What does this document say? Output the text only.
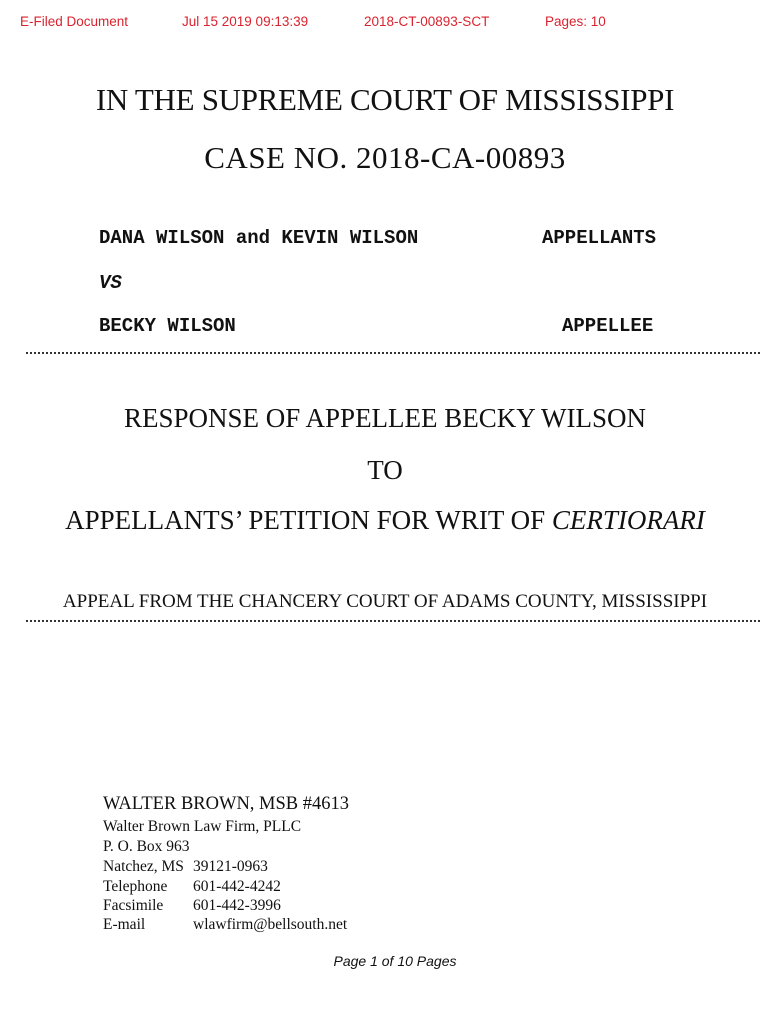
E-Filed Document	Jul 15 2019 09:13:39	2018-CT-00893-SCT	Pages: 10
IN THE SUPREME COURT OF MISSISSIPPI
CASE NO. 2018-CA-00893
DANA WILSON and KEVIN WILSON	APPELLANTS
VS
BECKY WILSON	APPELLEE
RESPONSE OF APPELLEE BECKY WILSON
TO
APPELLANTS’ PETITION FOR WRIT OF CERTIORARI
APPEAL FROM THE CHANCERY COURT OF ADAMS COUNTY, MISSISSIPPI
WALTER BROWN, MSB #4613
Walter Brown Law Firm, PLLC
P. O. Box 963
Natchez, MS 39121-0963
Telephone 601-442-4242
Facsimile 601-442-3996
E-mail	wlawfirm@bellsouth.net
Page 1 of 10 Pages
